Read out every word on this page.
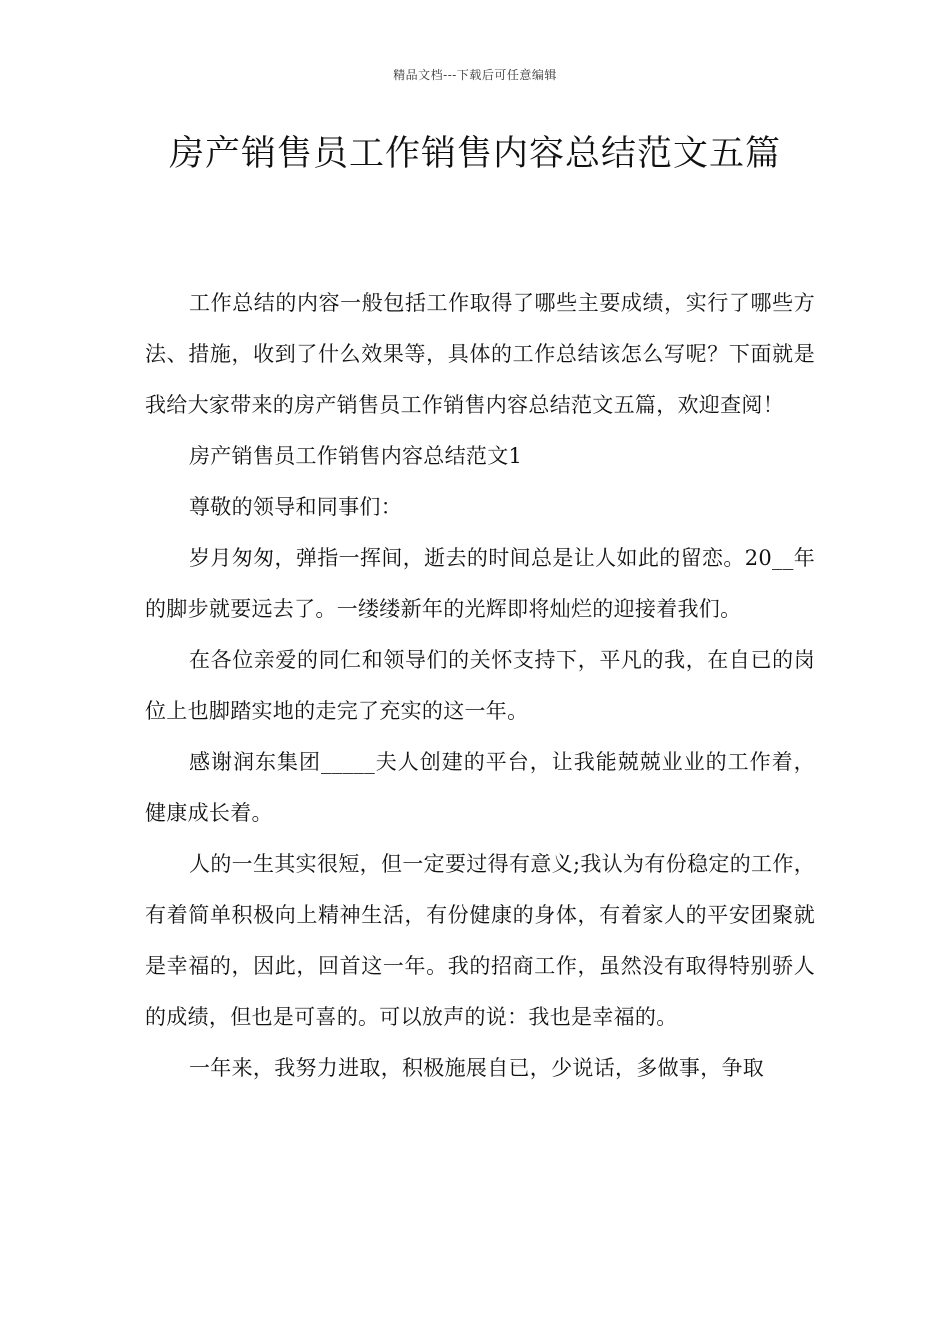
精品文档---下载后可任意编辑
房产销售员工作销售内容总结范文五篇

工作总结的内容一般包括工作取得了哪些主要成绩，实行了哪些方法、措施，收到了什么效果等，具体的工作总结该怎么写呢？下面就是我给大家带来的房产销售员工作销售内容总结范文五篇，欢迎查阅！

房产销售员工作销售内容总结范文1

尊敬的领导和同事们：

岁月匆匆，弹指一挥间，逝去的时间总是让人如此的留恋。20__年的脚步就要远去了。一缕缕新年的光辉即将灿烂的迎接着我们。

在各位亲爱的同仁和领导们的关怀支持下，平凡的我，在自已的岗位上也脚踏实地的走完了充实的这一年。

感谢润东集团_____夫人创建的平台，让我能兢兢业业的工作着，健康成长着。

人的一生其实很短，但一定要过得有意义;我认为有份稳定的工作，有着简单积极向上精神生活，有份健康的身体，有着家人的平安团聚就是幸福的，因此，回首这一年。我的招商工作，虽然没有取得特别骄人的成绩，但也是可喜的。可以放声的说：我也是幸福的。

一年来，我努力进取，积极施展自已，少说话，多做事，争取
